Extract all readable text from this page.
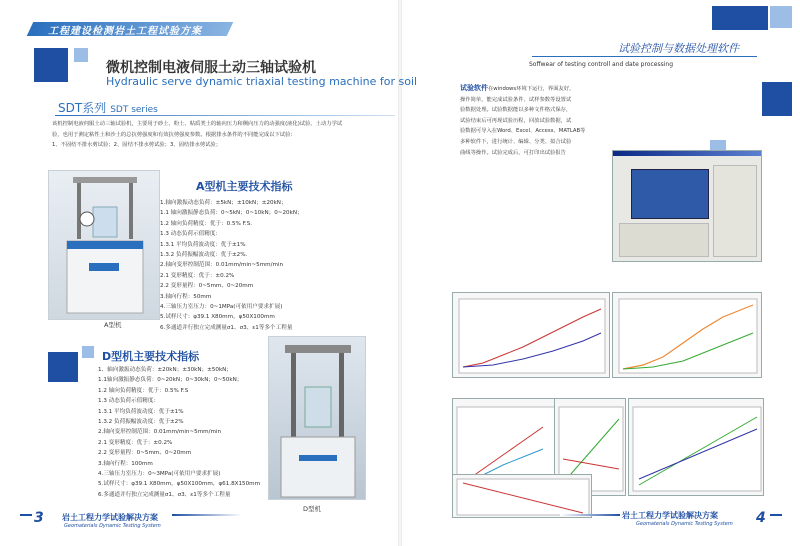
工程建设检测岩土工程试验方案
微机控制电液伺服土动三轴试验机
Hydraulic serve dynamic triaxial testing machine for soil
SDT系列 SDT series
该机控制电液伺服土动三轴试验机，主要用于砂土、粉土、粘质类土的轴向压力和侧向压力的动强度(液化)试验、土动力学试
验，也用于测定粘性土和沙土的总抗剪强度和有效抗剪强度参数。根据排水条件的不同能完成以下试验：
1、不固结不排水剪试验；2、固结不排水剪试验；3、固结排水剪试验；
A型机
A型机主要技术指标
1.轴向激振动态负荷：±5kN；±10kN；±20kN；
1.1 轴向激振静态负荷：0~5kN；0~10kN；0~20kN；
1.2 轴向负荷精度：优于：0.5% F.S.
1.3 动态负荷示值精度：
1.3.1 平均负荷波动度：优于±1%
1.3.2 负荷振幅波动度：优于±2%．
2.轴向变形控制范围：0.01mm/min~5mm/min
2.1 变形精度：优于：±0.2%
2.2 变形量程：0~5mm、0~20mm
3.轴向行程：50mm
4.三轴压力室压力：0~1MPa(可依用户要求扩展)
5.试样尺寸：φ39.1 X80mm，φ50X100mm
6.多通道并行独立完成测量σ1、σ3、ε1等多个工程量
D型机主要技术指标
1、轴向激振动态负荷：±20kN；±30kN；±50kN；
1.1轴向激振静态负荷：0~20kN；0~30kN；0~50kN；
1.2 轴向负荷精度：优于：0.5% F.S
1.3 动态负荷示值精度：
1.3.1 平均负荷波动度：优于±1%
1.3.2 负荷振幅波动度：优于±2%
2.轴向变形控制范围：0.01mm/min~5mm/min
2.1 变形精度：优于：±0.2%
2.2 变形量程：0~5mm、0~20mm
3.轴向行程：100mm
4.三轴压力室压力：0~3MPa(可依用户要求扩展)
5.试样尺寸：φ39.1 X80mm，φ50X100mm，φ61.8X150mm
6.多通道并行独立完成测量σ1、σ3、ε1等多个工程量
D型机
3 岩土工程力学试验解决方案
Geomaterials Dynamic Testing System
试验控制与数据处理软件
Soffwear of testing controll and date processing
试验软件在windows环境下运行，界面友好，
操作简单，能完成试验条件、试样参数等设置试
验数据处理。试验数据能以多种文件格式保存，
试验结束后可再现试验历程，回放试验数据，试
验数据可导入在Word、Excel、Access、MATLAB等
多种软件下，进行统计、编辑、分类、拟合试验
曲线等操作。试验完成后，可打印出试验报告
岩土工程力学试验解决方案
Geomaterials Dynamic Testing System 4
